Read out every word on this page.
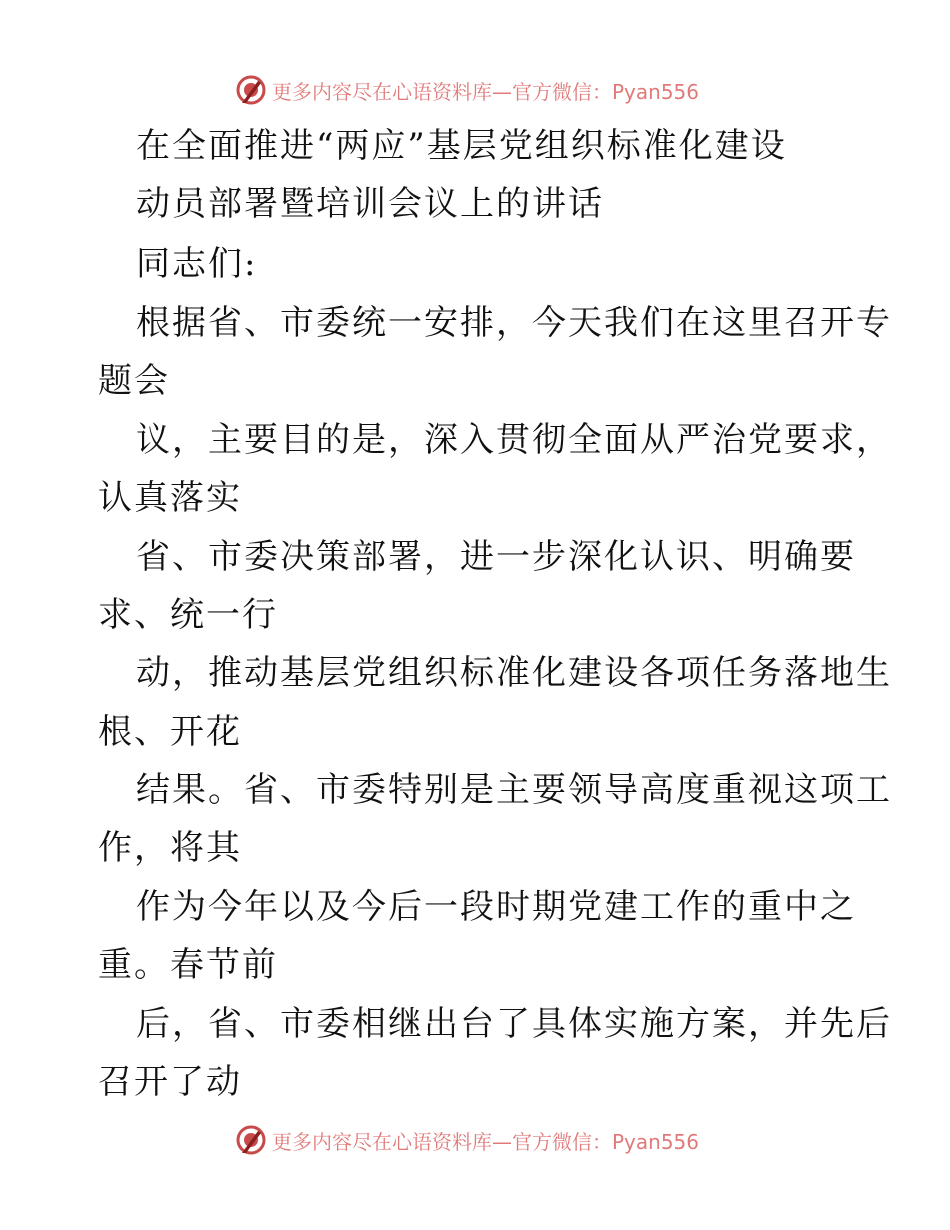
更多内容尽在心语资料库—官方微信：Pyan556
在全面推进“两应”基层党组织标准化建设
动员部署暨培训会议上的讲话
同志们:
根据省、市委统一安排，今天我们在这里召开专
题会
议，主要目的是，深入贯彻全面从严治党要求，
认真落实
省、市委决策部署，进一步深化认识、明确要
求、统一行
动，推动基层党组织标准化建设各项任务落地生
根、开花
结果。省、市委特别是主要领导高度重视这项工
作，将其
作为今年以及今后一段时期党建工作的重中之
重。春节前
后，省、市委相继出台了具体实施方案，并先后
召开了动
更多内容尽在心语资料库—官方微信：Pyan556
